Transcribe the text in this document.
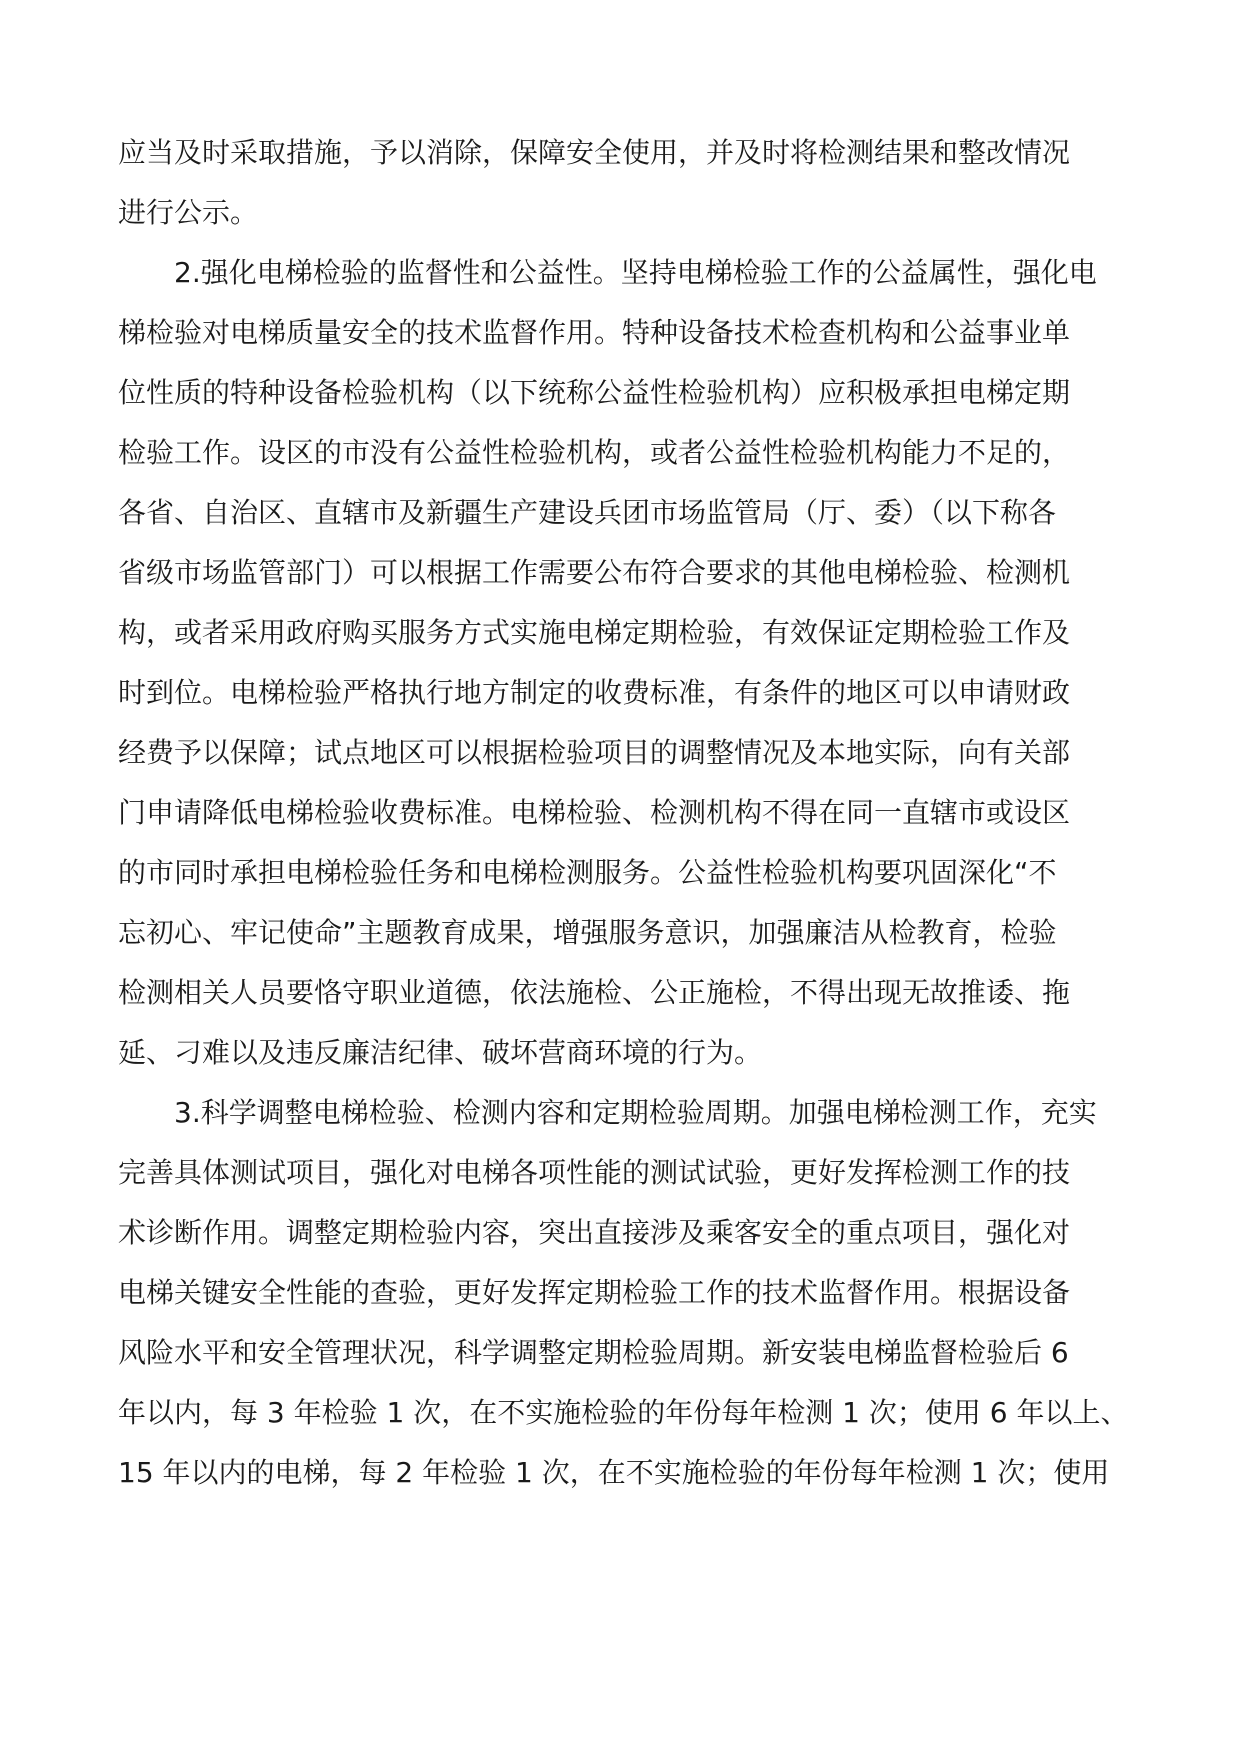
应当及时采取措施，予以消除，保障安全使用，并及时将检测结果和整改情况
进行公示。
2.强化电梯检验的监督性和公益性。坚持电梯检验工作的公益属性，强化电
梯检验对电梯质量安全的技术监督作用。特种设备技术检查机构和公益事业单
位性质的特种设备检验机构（以下统称公益性检验机构）应积极承担电梯定期
检验工作。设区的市没有公益性检验机构，或者公益性检验机构能力不足的，
各省、自治区、直辖市及新疆生产建设兵团市场监管局（厅、委）（以下称各
省级市场监管部门）可以根据工作需要公布符合要求的其他电梯检验、检测机
构，或者采用政府购买服务方式实施电梯定期检验，有效保证定期检验工作及
时到位。电梯检验严格执行地方制定的收费标准，有条件的地区可以申请财政
经费予以保障；试点地区可以根据检验项目的调整情况及本地实际，向有关部
门申请降低电梯检验收费标准。电梯检验、检测机构不得在同一直辖市或设区
的市同时承担电梯检验任务和电梯检测服务。公益性检验机构要巩固深化“不
忘初心、牢记使命”主题教育成果，增强服务意识，加强廉洁从检教育，检验
检测相关人员要恪守职业道德，依法施检、公正施检，不得出现无故推诿、拖
延、刁难以及违反廉洁纪律、破坏营商环境的行为。
3.科学调整电梯检验、检测内容和定期检验周期。加强电梯检测工作，充实
完善具体测试项目，强化对电梯各项性能的测试试验，更好发挥检测工作的技
术诊断作用。调整定期检验内容，突出直接涉及乘客安全的重点项目，强化对
电梯关键安全性能的查验，更好发挥定期检验工作的技术监督作用。根据设备
风险水平和安全管理状况，科学调整定期检验周期。新安装电梯监督检验后 6
年以内，每 3 年检验 1 次，在不实施检验的年份每年检测 1 次；使用 6 年以上、
15 年以内的电梯，每 2 年检验 1 次，在不实施检验的年份每年检测 1 次；使用
